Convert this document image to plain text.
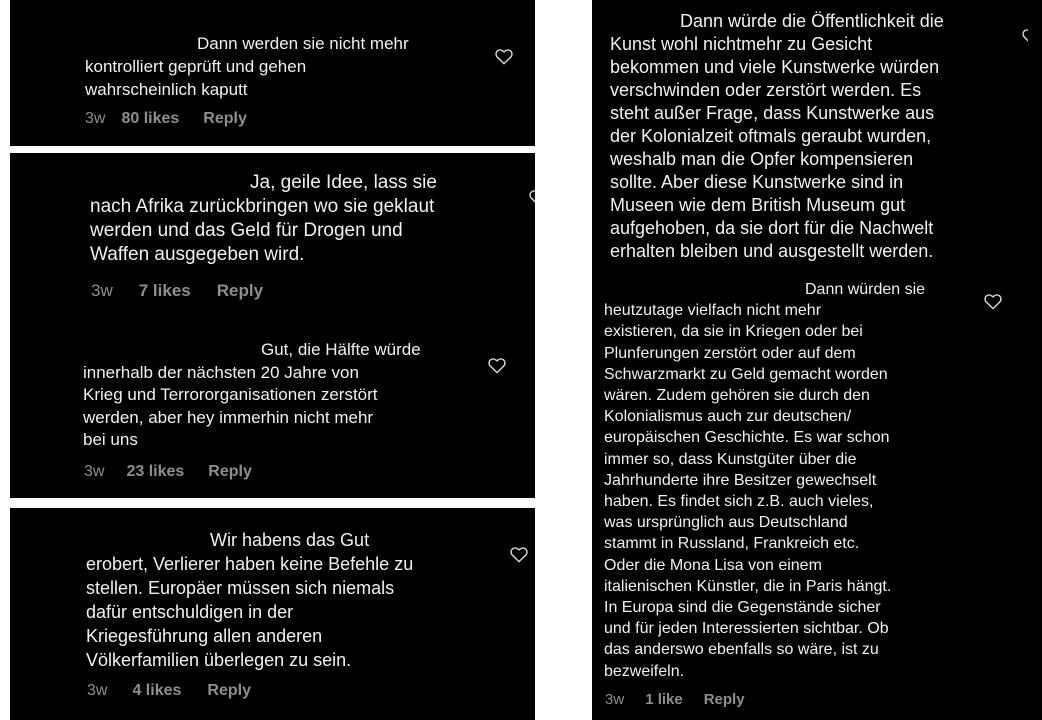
Dann werden sie nicht mehr
kontrolliert geprüft und gehen
wahrscheinlich kaputt
3w 80 likes Reply
Ja, geile Idee, lass sie
nach Afrika zurückbringen wo sie geklaut
werden und das Geld für Drogen und
Waffen ausgegeben wird.
3w 7 likes Reply
Gut, die Hälfte würde
innerhalb der nächsten 20 Jahre von
Krieg und Terrororganisationen zerstört
werden, aber hey immerhin nicht mehr
bei uns
3w 23 likes Reply
Wir habens das Gut
erobert, Verlierer haben keine Befehle zu
stellen. Europäer müssen sich niemals
dafür entschuldigen in der
Kriegesführung allen anderen
Völkerfamilien überlegen zu sein.
3w 4 likes Reply
Dann würde die Öffentlichkeit die
Kunst wohl nichtmehr zu Gesicht
bekommen und viele Kunstwerke würden
verschwinden oder zerstört werden. Es
steht außer Frage, dass Kunstwerke aus
der Kolonialzeit oftmals geraubt wurden,
weshalb man die Opfer kompensieren
sollte. Aber diese Kunstwerke sind in
Museen wie dem British Museum gut
aufgehoben, da sie dort für die Nachwelt
erhalten bleiben und ausgestellt werden.
Dann würden sie
heutzutage vielfach nicht mehr
existieren, da sie in Kriegen oder bei
Plunferungen zerstört oder auf dem
Schwarzmarkt zu Geld gemacht worden
wären. Zudem gehören sie durch den
Kolonialismus auch zur deutschen/
europäischen Geschichte. Es war schon
immer so, dass Kunstgüter über die
Jahrhunderte ihre Besitzer gewechselt
haben. Es findet sich z.B. auch vieles,
was ursprünglich aus Deutschland
stammt in Russland, Frankreich etc.
Oder die Mona Lisa von einem
italienischen Künstler, die in Paris hängt.
In Europa sind die Gegenstände sicher
und für jeden Interessierten sichtbar. Ob
das anderswo ebenfalls so wäre, ist zu
bezweifeln.
3w 1 like Reply
